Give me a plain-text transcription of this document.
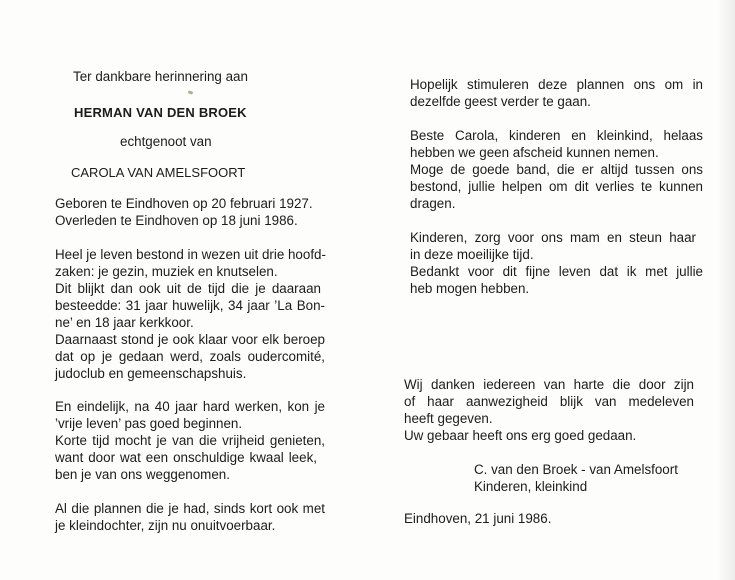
Ter dankbare herinnering aan
HERMAN VAN DEN BROEK
echtgenoot van
CAROLA VAN AMELSFOORT
Geboren te Eindhoven op 20 februari 1927.
Overleden te Eindhoven op 18 juni 1986.
Heel je leven bestond in wezen uit drie hoofd-
zaken: je gezin, muziek en knutselen.
Dit blijkt dan ook uit de tijd die je daaraan
besteedde: 31 jaar huwelijk, 34 jaar ’La Bon-
ne’ en 18 jaar kerkkoor.
Daarnaast stond je ook klaar voor elk beroep
dat op je gedaan werd, zoals oudercomité,
judoclub en gemeenschapshuis.
En eindelijk, na 40 jaar hard werken, kon je
’vrije leven’ pas goed beginnen.
Korte tijd mocht je van die vrijheid genieten,
want door wat een onschuldige kwaal leek,
ben je van ons weggenomen.
Al die plannen die je had, sinds kort ook met
je kleindochter, zijn nu onuitvoerbaar.
Hopelijk stimuleren deze plannen ons om in
dezelfde geest verder te gaan.
Beste Carola, kinderen en kleinkind, helaas
hebben we geen afscheid kunnen nemen.
Moge de goede band, die er altijd tussen ons
bestond, jullie helpen om dit verlies te kunnen
dragen.
Kinderen, zorg voor ons mam en steun haar
in deze moeilijke tijd.
Bedankt voor dit fijne leven dat ik met jullie
heb mogen hebben.
Wij danken iedereen van harte die door zijn
of haar aanwezigheid blijk van medeleven
heeft gegeven.
Uw gebaar heeft ons erg goed gedaan.
C. van den Broek - van Amelsfoort
Kinderen, kleinkind
Eindhoven, 21 juni 1986.
